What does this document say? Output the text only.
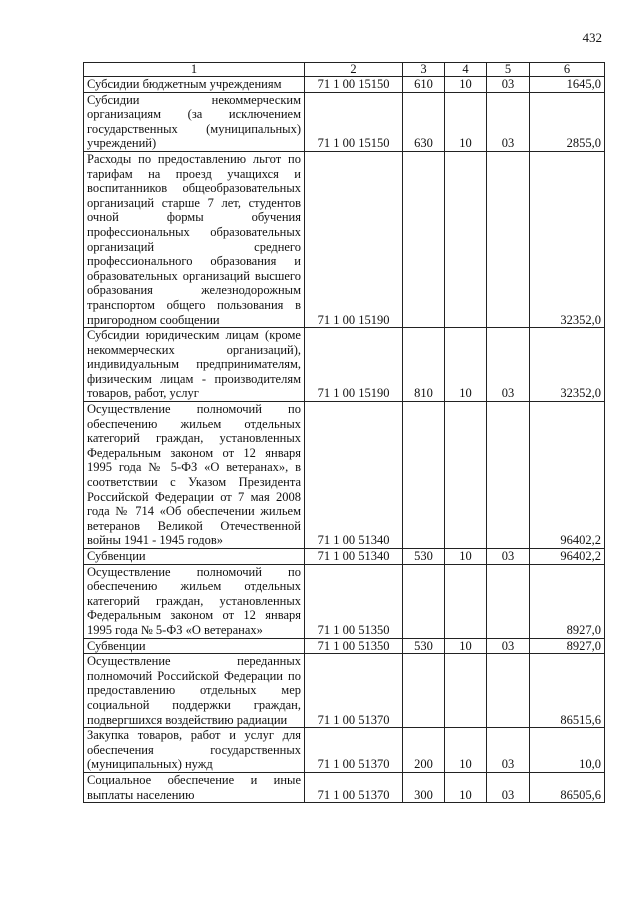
432
1	2	3	4	5	6
Субсидии бюджетным учреждениям	71 1 00 15150	610	10	03	1645,0
Субсидии некоммерческим организациям (за исключением государственных (муниципальных) учреждений)	71 1 00 15150	630	10	03	2855,0
Расходы по предоставлению льгот по тарифам на проезд учащихся и воспитанников общеобразовательных организаций старше 7 лет, студентов очной формы обучения профессиональных образовательных организаций среднего профессионального образования и образовательных организаций высшего образования железнодорожным транспортом общего пользования в пригородном сообщении	71 1 00 15190				32352,0
Субсидии юридическим лицам (кроме некоммерческих организаций), индивидуальным предпринимателям, физическим лицам - производителям товаров, работ, услуг	71 1 00 15190	810	10	03	32352,0
Осуществление полномочий по обеспечению жильем отдельных категорий граждан, установленных Федеральным законом от 12 января 1995 года № 5-ФЗ «О ветеранах», в соответствии с Указом Президента Российской Федерации от 7 мая 2008 года № 714 «Об обеспечении жильем ветеранов Великой Отечественной войны 1941 - 1945 годов»	71 1 00 51340				96402,2
Субвенции	71 1 00 51340	530	10	03	96402,2
Осуществление полномочий по обеспечению жильем отдельных категорий граждан, установленных Федеральным законом от 12 января 1995 года № 5-ФЗ «О ветеранах»	71 1 00 51350				8927,0
Субвенции	71 1 00 51350	530	10	03	8927,0
Осуществление переданных полномочий Российской Федерации по предоставлению отдельных мер социальной поддержки граждан, подвергшихся воздействию радиации	71 1 00 51370				86515,6
Закупка товаров, работ и услуг для обеспечения государственных (муниципальных) нужд	71 1 00 51370	200	10	03	10,0
Социальное обеспечение и иные выплаты населению	71 1 00 51370	300	10	03	86505,6
